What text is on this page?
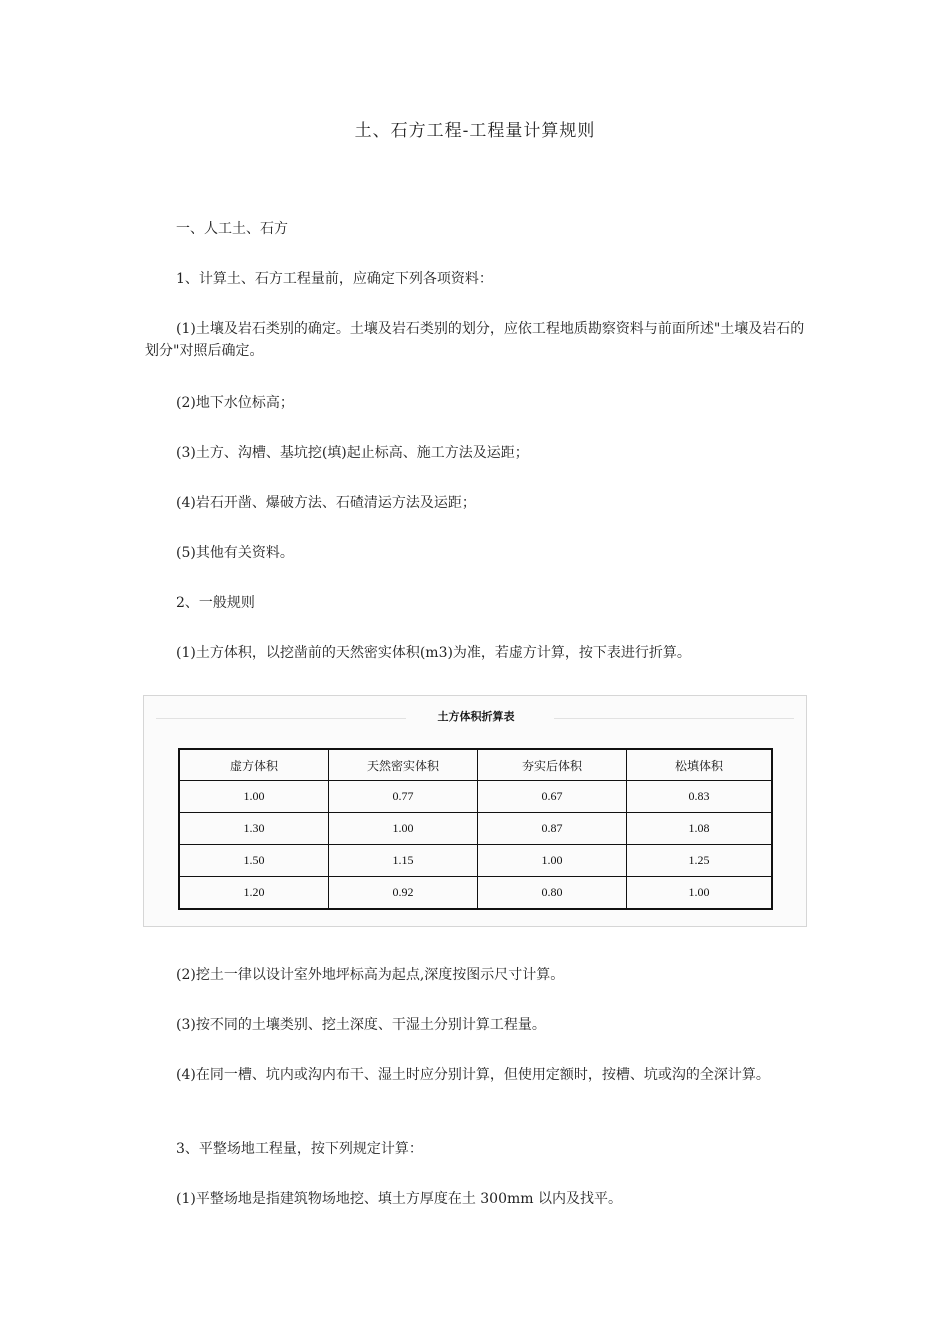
土、石方工程-工程量计算规则

一、人工土、石方

1、计算土、石方工程量前，应确定下列各项资料：

(1)土壤及岩石类别的确定。土壤及岩石类别的划分，应依工程地质勘察资料与前面所述"土壤及岩石的划分"对照后确定。

(2)地下水位标高；

(3)土方、沟槽、基坑挖(填)起止标高、施工方法及运距；

(4)岩石开凿、爆破方法、石碴清运方法及运距；

(5)其他有关资料。

2、一般规则

(1)土方体积，以挖凿前的天然密实体积(m3)为准，若虚方计算，按下表进行折算。

土方体积折算表
虚方体积	天然密实体积	夯实后体积	松填体积
1.00	0.77	0.67	0.83
1.30	1.00	0.87	1.08
1.50	1.15	1.00	1.25
1.20	0.92	0.80	1.00

(2)挖土一律以设计室外地坪标高为起点,深度按图示尺寸计算。

(3)按不同的土壤类别、挖土深度、干湿土分别计算工程量。

(4)在同一槽、坑内或沟内布干、湿土时应分别计算，但使用定额时，按槽、坑或沟的全深计算。

3、平整场地工程量，按下列规定计算：

(1)平整场地是指建筑物场地挖、填土方厚度在土 300mm 以内及找平。
